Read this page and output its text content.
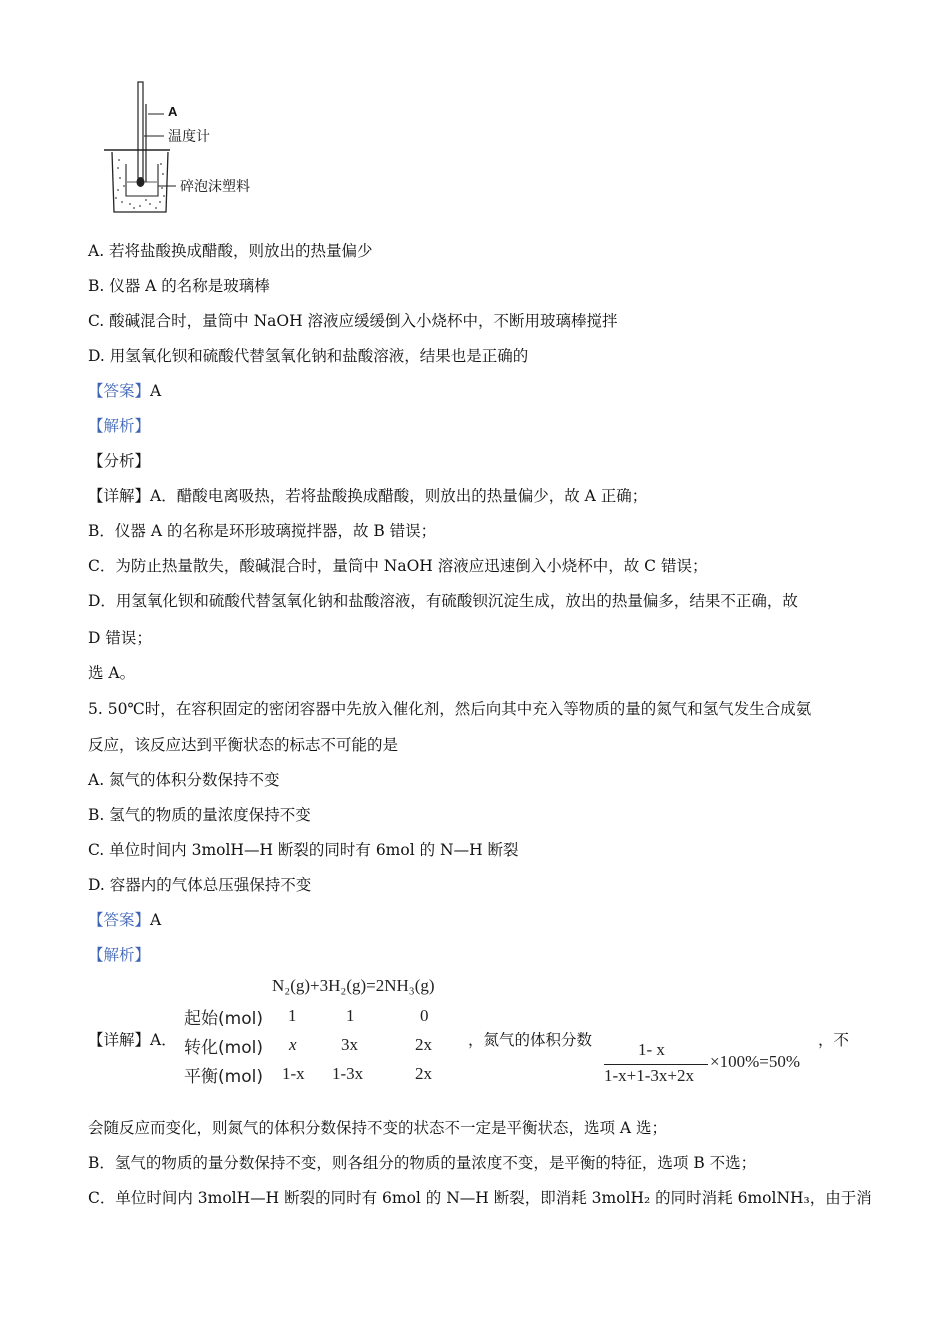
A
温度计
碎泡沫塑料
A. 若将盐酸换成醋酸，则放出的热量偏少
B. 仪器 A 的名称是玻璃棒
C. 酸碱混合时，量筒中 NaOH 溶液应缓缓倒入小烧杯中，不断用玻璃棒搅拌
D. 用氢氧化钡和硫酸代替氢氧化钠和盐酸溶液，结果也是正确的
【答案】A
【解析】
【分析】
【详解】A．醋酸电离吸热，若将盐酸换成醋酸，则放出的热量偏少，故 A 正确；
B．仪器 A 的名称是环形玻璃搅拌器，故 B 错误；
C．为防止热量散失，酸碱混合时，量筒中 NaOH 溶液应迅速倒入小烧杯中，故 C 错误；
D．用氢氧化钡和硫酸代替氢氧化钠和盐酸溶液，有硫酸钡沉淀生成，放出的热量偏多，结果不正确，故
D 错误；
选 A。
5. 50℃时，在容积固定的密闭容器中先放入催化剂，然后向其中充入等物质的量的氮气和氢气发生合成氨
反应，该反应达到平衡状态的标志不可能的是
A. 氮气的体积分数保持不变
B. 氢气的物质的量浓度保持不变
C. 单位时间内 3molH—H 断裂的同时有 6mol 的 N—H 断裂
D. 容器内的气体总压强保持不变
【答案】A
【解析】
【详解】A．
N₂(g)+3H₂(g)=2NH₃(g)
起始(mol) 1	1	0
转化(mol) x	3x	2x
平衡(mol) 1-x 1-3x	2x
，氮气的体积分数	1- x
1-x+1-3x+2x
×100%=50%
，不
会随反应而变化，则氮气的体积分数保持不变的状态不一定是平衡状态，选项 A 选；
B．氢气的物质的量分数保持不变，则各组分的物质的量浓度不变，是平衡的特征，选项 B 不选；
C．单位时间内 3molH—H 断裂的同时有 6mol 的 N—H 断裂，即消耗 3molH₂ 的同时消耗 6molNH₃，由于消
